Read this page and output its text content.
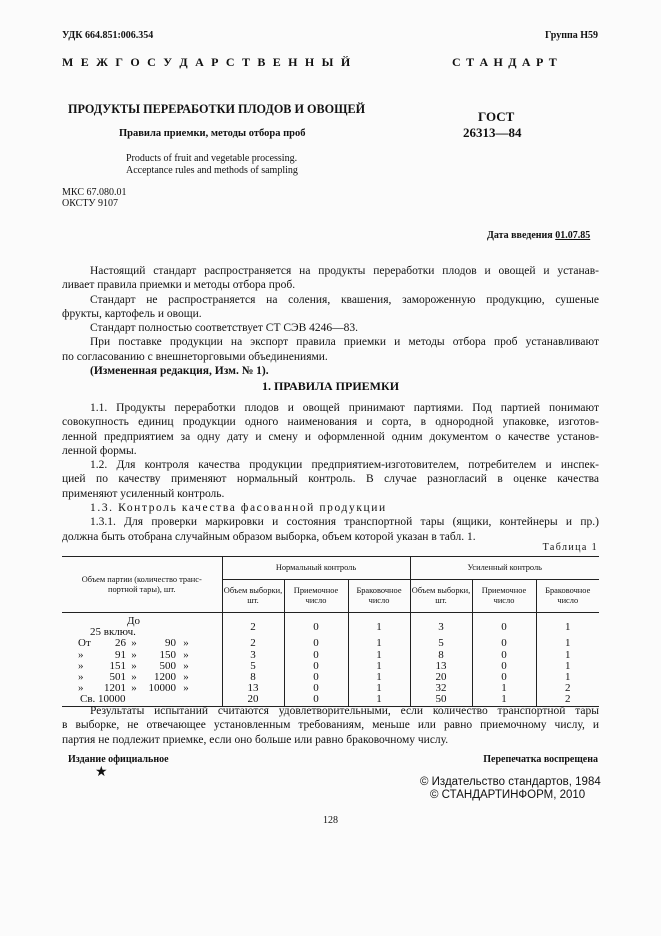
УДК 664.851:006.354	Группа Н59
М Е Ж Г О С У Д А Р С Т В Е Н Н Ы Й	С Т А Н Д А Р Т
ПРОДУКТЫ ПЕРЕРАБОТКИ ПЛОДОВ И ОВОЩЕЙ
Правила приемки, методы отбора проб
Products of fruit and vegetable processing.
Acceptance rules and methods of sampling
ГОСТ
26313—84
МКС 67.080.01
ОКСТУ 9107
Дата введения 01.07.85
Настоящий стандарт распространяется на продукты переработки плодов и овощей и устанав-
ливает правила приемки и методы отбора проб.
Стандарт не распространяется на соления, квашения, замороженную продукцию, сушеные
фрукты, картофель и овощи.
Стандарт полностью соответствует СТ СЭВ 4246—83.
При поставке продукции на экспорт правила приемки и методы отбора проб устанавливают
по согласованию с внешнеторговыми объединениями.
(Измененная редакция, Изм. № 1).
1. ПРАВИЛА ПРИЕМКИ
1.1. Продукты переработки плодов и овощей принимают партиями. Под партией понимают
совокупность единиц продукции одного наименования и сорта, в однородной упаковке, изготов-
ленной предприятием за одну дату и смену и оформленной одним документом о качестве установ-
ленной формы.
1.2. Для контроля качества продукции предприятием-изготовителем, потребителем и инспек-
цией по качеству применяют нормальный контроль. В случае разногласий в оценке качества
применяют усиленный контроль.
1.3. Контроль качества фасованной продукции
1.3.1. Для проверки маркировки и состояния транспортной тары (ящики, контейнеры и пр.)
должна быть отобрана случайным образом выборка, объем которой указан в табл. 1.
Таблица 1
Объем партии (количество транс- портной тары), шт.	Нормальный контроль			Усиленный контроль		
	Объем выборки, шт.	Приемочное число	Браковочное число	Объем выборки, шт.	Приемочное число	Браковочное число
До25 включ.	2	0	1	3	0	1
От 26 » 90 »	2	0	1	5	0	1
» 91 » 150 »	3	0	1	8	0	1
» 151 » 500 »	5	0	1	13	0	1
» 501 » 1200 »	8	0	1	20	0	1
» 1201 » 10000 »	13	0	1	32	1	2
Св. 10000	20	0	1	50	1	2
Результаты испытаний считаются удовлетворительными, если количество транспортной тары
в выборке, не отвечающее установленным требованиям, меньше или равно приемочному числу, и
партия не подлежит приемке, если оно больше или равно браковочному числу.
Издание официальное
★
Перепечатка воспрещена
© Издательство стандартов, 1984
© СТАНДАРТИНФОРМ, 2010
128
